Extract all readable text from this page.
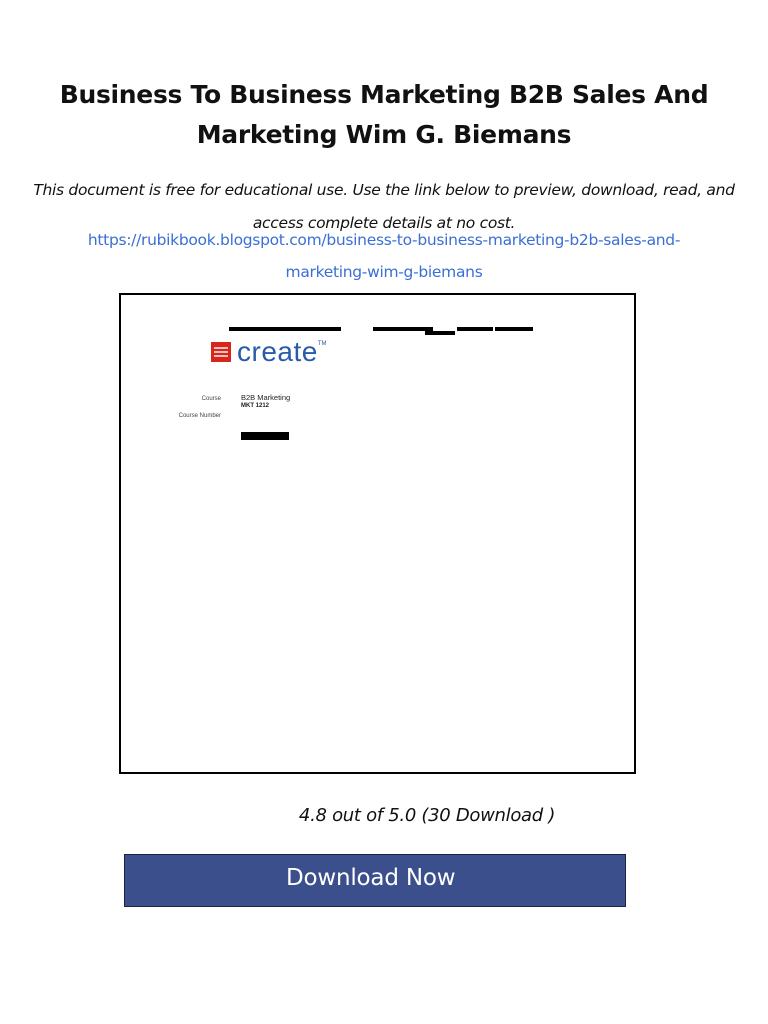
Business To Business Marketing B2B Sales And Marketing Wim G. Biemans

This document is free for educational use. Use the link below to preview, download, read, and access complete details at no cost.

https://rubikbook.blogspot.com/business-to-business-marketing-b2b-sales-and-marketing-wim-g-biemans
create TM
Course	B2B Marketing
Course Number
MKT 1212
4.8 out of 5.0 (30 Download )
Download Now
